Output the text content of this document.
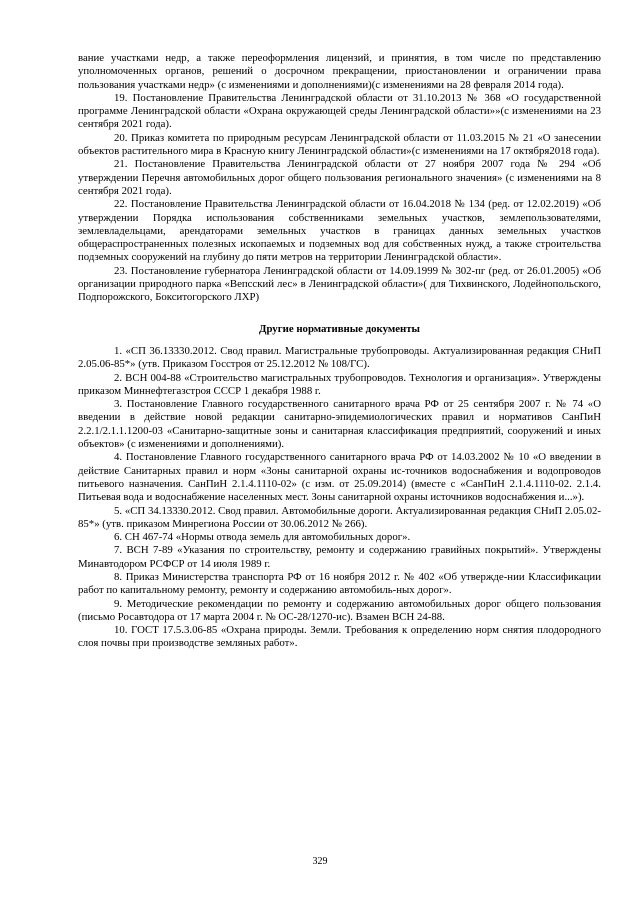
вание участками недр, а также переоформления лицензий, и принятия, в том числе по представлению уполномоченных органов, решений о досрочном прекращении, приостановлении и ограничении права пользования участками недр» (с изменениями и дополнениями)(с изменениями на 28 февраля 2014 года).

19. Постановление Правительства Ленинградской области от 31.10.2013 № 368 «О государственной программе Ленинградской области «Охрана окружающей среды Ленинградской области»»(с изменениями на 23 сентября 2021 года).

20. Приказ комитета по природным ресурсам Ленинградской области от 11.03.2015 № 21 «О занесении объектов растительного мира в Красную книгу Ленинградской области»(с изменениями на 17 октября2018 года).

21. Постановление Правительства Ленинградской области от 27 ноября 2007 года № 294 «Об утверждении Перечня автомобильных дорог общего пользования регионального значения» (с изменениями на 8 сентября 2021 года).

22. Постановление Правительства Ленинградской области от 16.04.2018 № 134 (ред. от 12.02.2019) «Об утверждении Порядка использования собственниками земельных участков, землепользователями, землевладельцами, арендаторами земельных участков в границах данных земельных участков общераспространенных полезных ископаемых и подземных вод для собственных нужд, а также строительства подземных сооружений на глубину до пяти метров на территории Ленинградской области».

23. Постановление губернатора Ленинградской области от 14.09.1999 № 302-пг (ред. от 26.01.2005) «Об организации природного парка «Вепсский лес» в Ленинградской области»( для Тихвинского, Лодейнопольского, Подпорожского, Бокситогорского ЛХР)

Другие нормативные документы

1. «СП 36.13330.2012. Свод правил. Магистральные трубопроводы. Актуализированная редакция СНиП 2.05.06-85*» (утв. Приказом Госстроя от 25.12.2012 № 108/ГС).

2. ВСН 004-88 «Строительство магистральных трубопроводов. Технология и организация». Утверждены приказом Миннефтегазстроя СССР 1 декабря 1988 г.

3. Постановление Главного государственного санитарного врача РФ от 25 сентября 2007 г. № 74 «О введении в действие новой редакции санитарно-эпидемиологических правил и нормативов СанПиН 2.2.1/2.1.1.1200-03 «Санитарно-защитные зоны и санитарная классификация предприятий, сооружений и иных объектов» (с изменениями и дополнениями).

4. Постановление Главного государственного санитарного врача РФ от 14.03.2002 № 10 «О введении в действие Санитарных правил и норм «Зоны санитарной охраны ис-точников водоснабжения и водопроводов питьевого назначения. СанПиН 2.1.4.1110-02» (с изм. от 25.09.2014) (вместе с «СанПиН 2.1.4.1110-02. 2.1.4. Питьевая вода и водоснабжение населенных мест. Зоны санитарной охраны источников водоснабжения и...»).

5. «СП 34.13330.2012. Свод правил. Автомобильные дороги. Актуализированная редакция СНиП 2.05.02-85*» (утв. приказом Минрегиона России от 30.06.2012 № 266).

6. СН 467-74 «Нормы отвода земель для автомобильных дорог».

7. ВСН 7-89 «Указания по строительству, ремонту и содержанию гравийных покрытий». Утверждены Минавтодором РСФСР от 14 июля 1989 г.

8. Приказ Министерства транспорта РФ от 16 ноября 2012 г. № 402 «Об утверждe-нии Классификации работ по капитальному ремонту, ремонту и содержанию автомобиль-ных дорог».

9. Методические рекомендации по ремонту и содержанию автомобильных дорог общего пользования (письмо Росавтодора от 17 марта 2004 г. № ОС-28/1270-ис). Взамен ВСН 24-88.

10. ГОСТ 17.5.3.06-85 «Охрана природы. Земли. Требования к определению норм снятия плодородного слоя почвы при производстве земляных работ».

329
